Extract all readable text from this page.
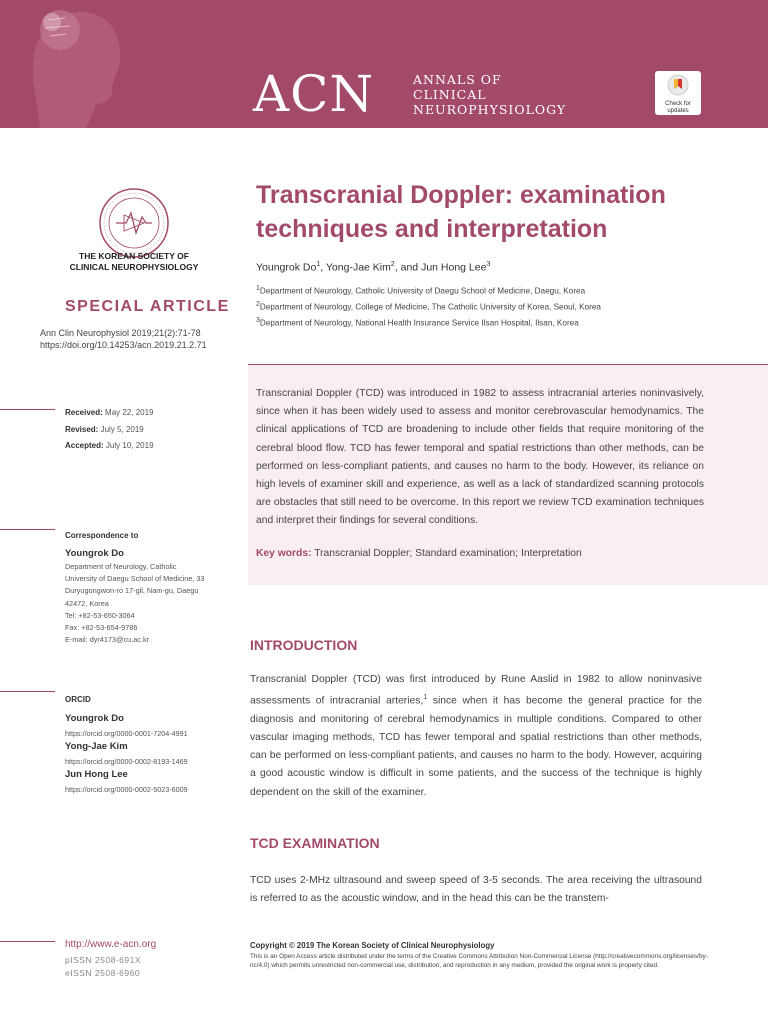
ACN	ANNALS OF
CLINICAL
NEUROPHYSIOLOGY	Check for
updates
THE KOREAN SOCIETY OF
CLINICAL NEUROPHYSIOLOGY
SPECIAL ARTICLE
Ann Clin Neurophysiol 2019;21(2):71-78
https://doi.org/10.14253/acn.2019.21.2.71
Received: May 22, 2019
Revised: July 5, 2019
Accepted: July 10, 2019
Correspondence to
Youngrok Do
Department of Neurology, Catholic
University of Daegu School of Medicine, 33
Duryugongwon-ro 17-gil, Nam-gu, Daegu
42472, Korea
Tel: +82-53-650-3064
Fax: +82-53-654-9786
E-mail: dyr4173@cu.ac.kr
ORCID
Youngrok Do
https://orcid.org/0000-0001-7204-4991
Yong-Jae Kim
https://orcid.org/0000-0002-8193-1469
Jun Hong Lee
https://orcid.org/0000-0002-5023-6009
http://www.e-acn.org
pISSN 2508-691X
eISSN 2508-6960
Transcranial Doppler: examination
techniques and interpretation
Youngrok Do$^1$, Yong-Jae Kim$^2$, and Jun Hong Lee$^3$
$^1$Department of Neurology, Catholic University of Daegu School of Medicine, Daegu, Korea
$^2$Department of Neurology, College of Medicine, The Catholic University of Korea, Seoul, Korea
$^3$Department of Neurology, National Health Insurance Service Ilsan Hospital, Ilsan, Korea
Transcranial Doppler (TCD) was introduced in 1982 to assess intracranial arteries noninvasively, since when it has been widely used to assess and monitor cerebrovascular hemodynamics. The clinical applications of TCD are broadening to include other fields that require monitoring of the cerebral blood flow. TCD has fewer temporal and spatial restrictions than other methods, can be performed on less-compliant patients, and causes no harm to the body. However, its reliance on high levels of examiner skill and experience, as well as a lack of standardized scanning protocols are obstacles that still need to be overcome. In this report we review TCD examination techniques and interpret their findings for several conditions.
Key words: Transcranial Doppler; Standard examination; Interpretation
INTRODUCTION
Transcranial Doppler (TCD) was first introduced by Rune Aaslid in 1982 to allow noninvasive assessments of intracranial arteries,$^1$ since when it has become the general practice for the diagnosis and monitoring of cerebral hemodynamics in multiple conditions. Compared to other vascular imaging methods, TCD has fewer temporal and spatial restrictions than other methods, can be performed on less-compliant patients, and causes no harm to the body. However, acquiring a good acoustic window is difficult in some patients, and the success of the technique is highly dependent on the skill of the examiner.
TCD EXAMINATION
TCD uses 2-MHz ultrasound and sweep speed of 3-5 seconds. The area receiving the ultrasound is referred to as the acoustic window, and in the head this can be the transtem-
Copyright © 2019 The Korean Society of Clinical Neurophysiology
This is an Open Access article distributed under the terms of the Creative Commons Attribution Non-Commercial License (http://creativecommons.org/licenses/by-nc/4.0) which permits unrestricted non-commercial use, distribution, and reproduction in any medium, provided the original work is properly cited.
